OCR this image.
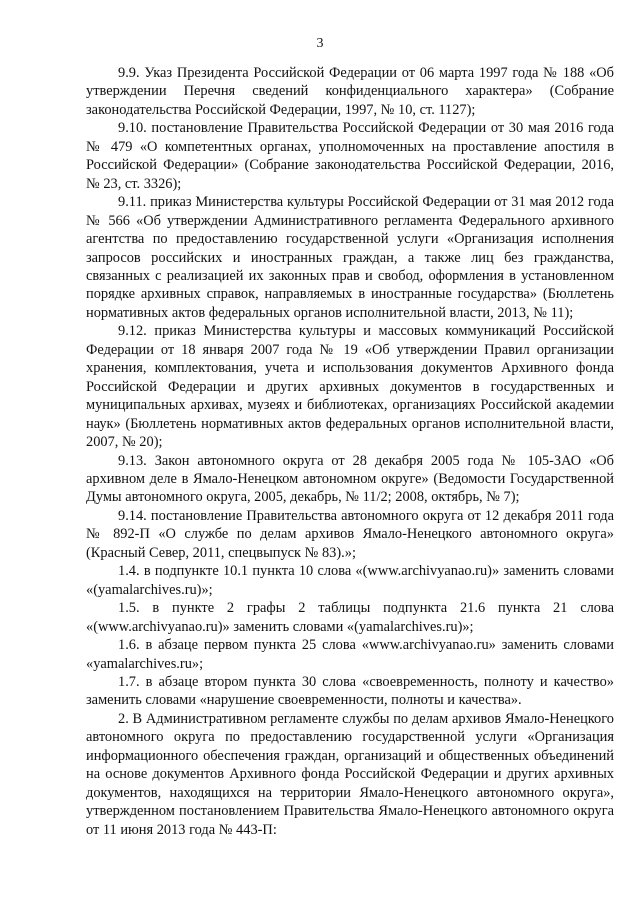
3

9.9. Указ Президента Российской Федерации от 06 марта 1997 года № 188 «Об утверждении Перечня сведений конфиденциального характера» (Собрание законодательства Российской Федерации, 1997, № 10, ст. 1127);

9.10. постановление Правительства Российской Федерации от 30 мая 2016 года № 479 «О компетентных органах, уполномоченных на проставление апостиля в Российской Федерации» (Собрание законодательства Российской Федерации, 2016, № 23, ст. 3326);

9.11. приказ Министерства культуры Российской Федерации от 31 мая 2012 года № 566 «Об утверждении Административного регламента Федерального архивного агентства по предоставлению государственной услуги «Организация исполнения запросов российских и иностранных граждан, а также лиц без гражданства, связанных с реализацией их законных прав и свобод, оформления в установленном порядке архивных справок, направляемых в иностранные государства» (Бюллетень нормативных актов федеральных органов исполнительной власти, 2013, № 11);

9.12. приказ Министерства культуры и массовых коммуникаций Российской Федерации от 18 января 2007 года № 19 «Об утверждении Правил организации хранения, комплектования, учета и использования документов Архивного фонда Российской Федерации и других архивных документов в государственных и муниципальных архивах, музеях и библиотеках, организациях Российской академии наук» (Бюллетень нормативных актов федеральных органов исполнительной власти, 2007, № 20);

9.13. Закон автономного округа от 28 декабря 2005 года № 105-ЗАО «Об архивном деле в Ямало-Ненецком автономном округе» (Ведомости Государственной Думы автономного округа, 2005, декабрь, № 11/2; 2008, октябрь, № 7);

9.14. постановление Правительства автономного округа от 12 декабря 2011 года № 892-П «О службе по делам архивов Ямало-Ненецкого автономного округа» (Красный Север, 2011, спецвыпуск № 83).»;

1.4. в подпункте 10.1 пункта 10 слова «(www.archivyanao.ru)» заменить словами «(yamalarchives.ru)»;

1.5. в пункте 2 графы 2 таблицы подпункта 21.6 пункта 21 слова «(www.archivyanao.ru)» заменить словами «(yamalarchives.ru)»;

1.6. в абзаце первом пункта 25 слова «www.archivyanao.ru» заменить словами «yamalarchives.ru»;

1.7. в абзаце втором пункта 30 слова «своевременность, полноту и качество» заменить словами «нарушение своевременности, полноты и качества».

2. В Административном регламенте службы по делам архивов Ямало-Ненецкого автономного округа по предоставлению государственной услуги «Организация информационного обеспечения граждан, организаций и общественных объединений на основе документов Архивного фонда Российской Федерации и других архивных документов, находящихся на территории Ямало-Ненецкого автономного округа», утвержденном постановлением Правительства Ямало-Ненецкого автономного округа от 11 июня 2013 года № 443-П:
